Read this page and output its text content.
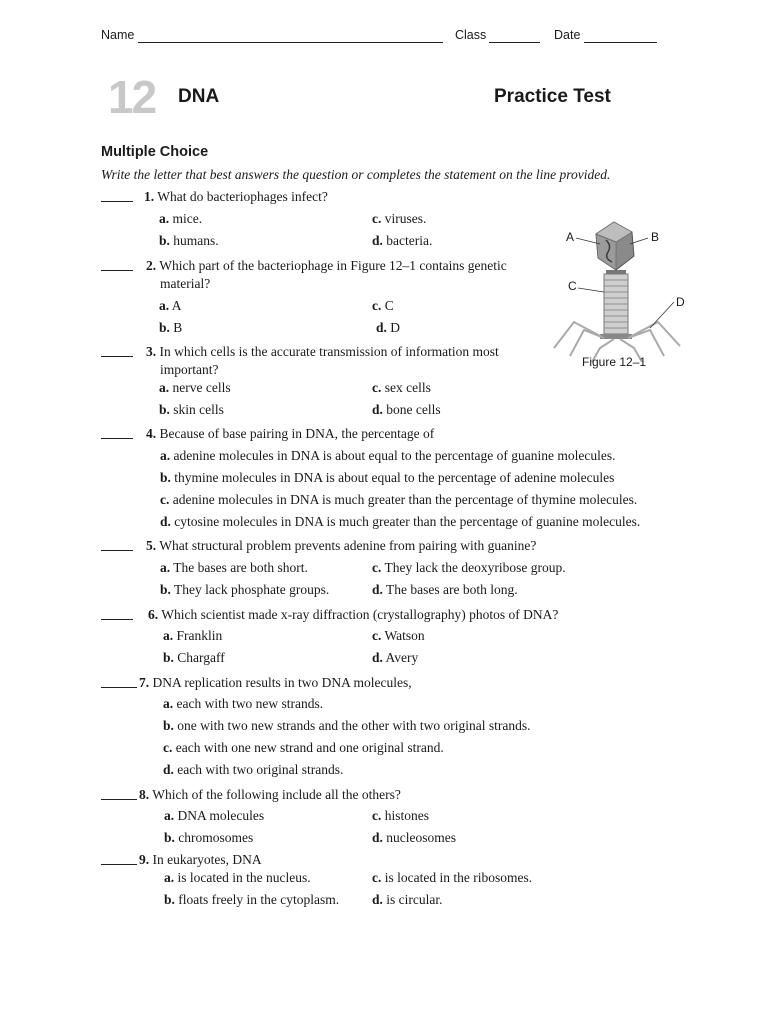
Name	Class	Date
12 DNA	Practice Test
Multiple Choice
Write the letter that best answers the question or completes the statement on the line provided.
A	B
C
D
Figure 12–1
1. What do bacteriophages infect?
a. mice.	c. viruses.
b. humans.	d. bacteria.
2. Which part of the bacteriophage in Figure 12–1 contains genetic
material?
a. A	c. C
b. B	d. D
3. In which cells is the accurate transmission of information most
important?
a. nerve cells	c. sex cells
b. skin cells	d. bone cells
4. Because of base pairing in DNA, the percentage of
a. adenine molecules in DNA is about equal to the percentage of guanine molecules.
b. thymine molecules in DNA is about equal to the percentage of adenine molecules
c. adenine molecules in DNA is much greater than the percentage of thymine molecules.
d. cytosine molecules in DNA is much greater than the percentage of guanine molecules.
5. What structural problem prevents adenine from pairing with guanine?
a. The bases are both short.	c. They lack the deoxyribose group.
b. They lack phosphate groups.	d. The bases are both long.
6. Which scientist made x-ray diffraction (crystallography) photos of DNA?
a. Franklin	c. Watson
b. Chargaff	d. Avery
7. DNA replication results in two DNA molecules,
a. each with two new strands.
b. one with two new strands and the other with two original strands.
c. each with one new strand and one original strand.
d. each with two original strands.
8. Which of the following include all the others?
a. DNA molecules	c. histones
b. chromosomes	d. nucleosomes
9. In eukaryotes, DNA
a. is located in the nucleus.	c. is located in the ribosomes.
b. floats freely in the cytoplasm. d. is circular.
